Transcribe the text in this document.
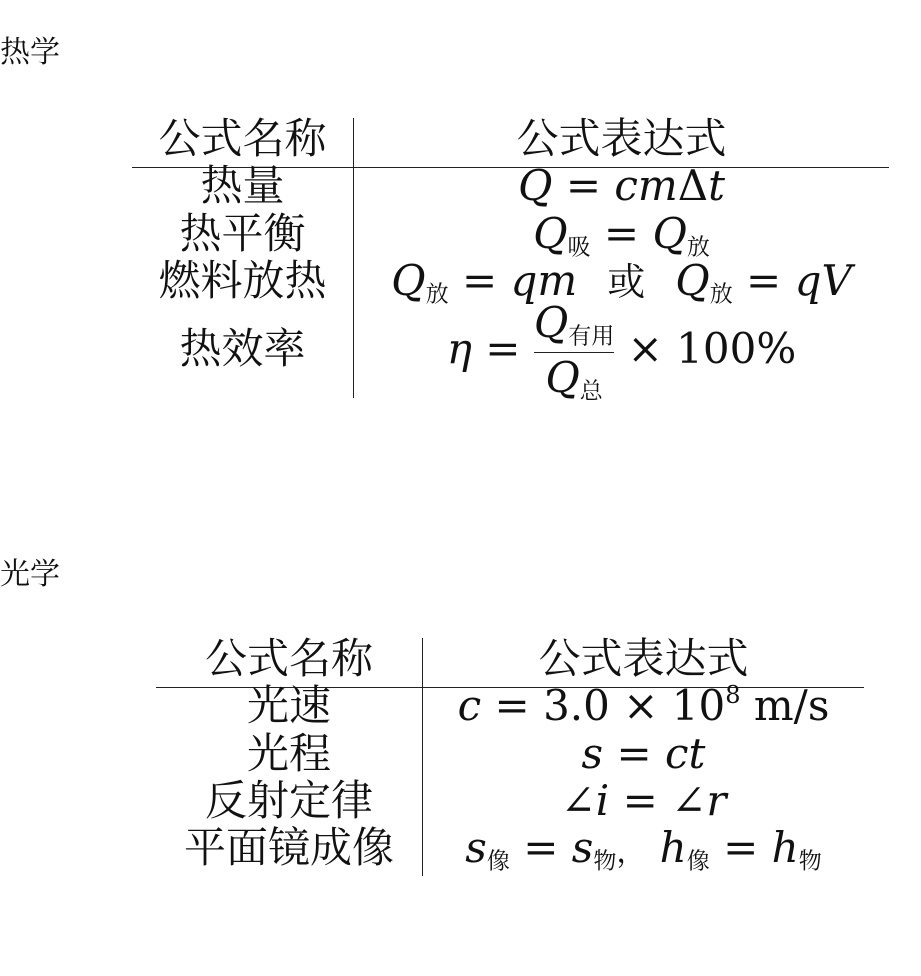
热学
公式名称	公式表达式
热量
热平衡
燃料放热
热效率
Q = cmΔt
$Q_吸 = Q_放$
$Q_放$ = qm 或 $Q_放$ = qV
$\eta = \frac{Q_{有用}}{Q_总} \times 100\%$
光学
公式名称	公式表达式
光速
光程
反射定律
平面镜成像
$c = 3.0 \times 10^8$ m/s
s = ct
∠i = ∠r
$s_像 = s_物$， $h_像 = h_物$
